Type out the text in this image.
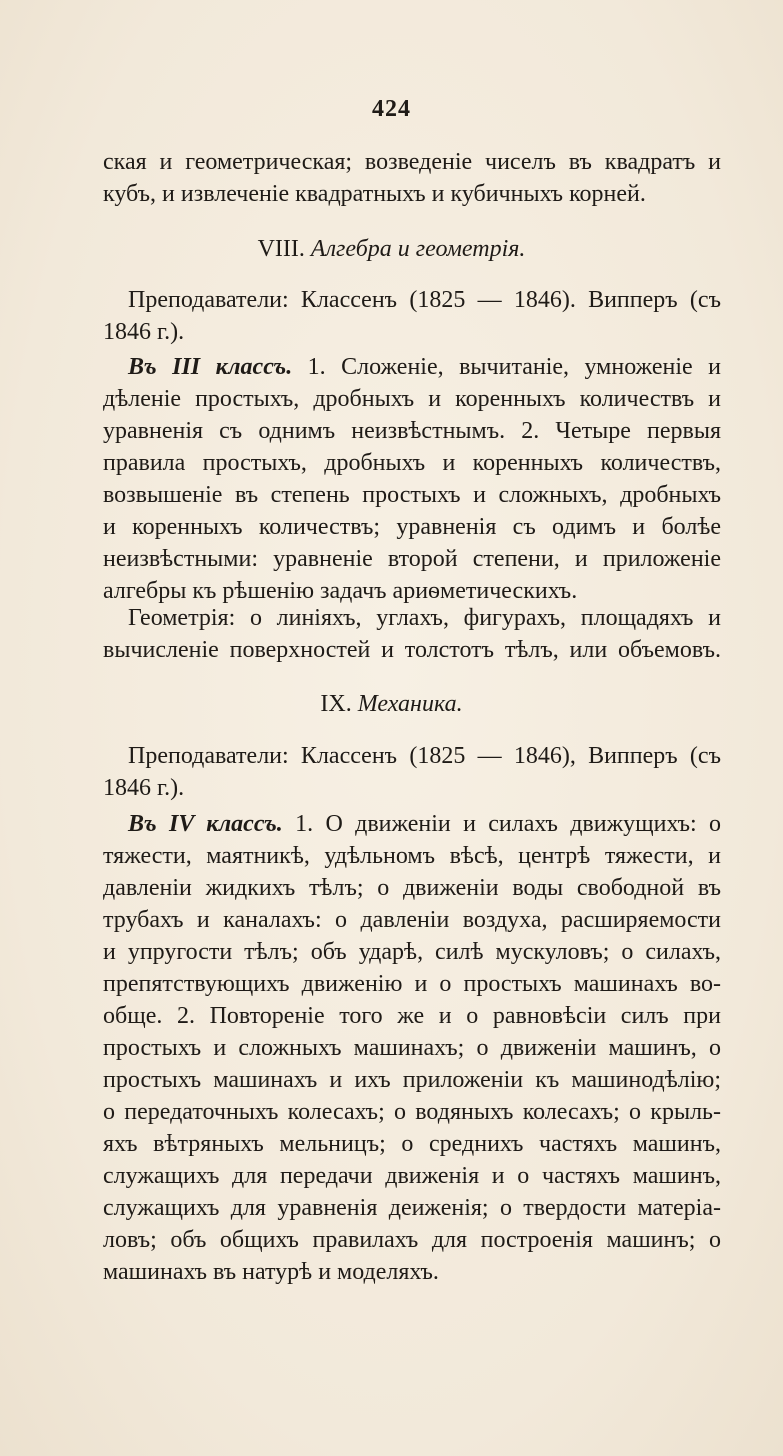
424
ская и геометрическая; возведенiе чиселъ въ квадратъ и
кубъ, и извлеченiе квадратныхъ и кубичныхъ корней.
VIII. Алгебра и геометрiя.
Преподаватели: Классенъ (1825 — 1846). Випперъ (съ
1846 г.).
Въ III классъ. 1. Сложенiе, вычитанiе, умноженiе и
дѣленiе простыхъ, дробныхъ и коренныхъ количествъ и
уравненiя съ однимъ неизвѣстнымъ. 2. Четыре первыя
правила простыхъ, дробныхъ и коренныхъ количествъ,
возвышенiе въ степень простыхъ и сложныхъ, дробныхъ
и коренныхъ количествъ; уравненiя съ одимъ и болѣе
неизвѣстными: уравненiе второй степени, и приложенiе
алгебры къ рѣшенiю задачъ ариѳметическихъ.
Геометрiя: о линiяхъ, углахъ, фигурахъ, площадяхъ и
вычисленiе поверхностей и толстотъ тѣлъ, или объемовъ.
IX. Механика.
Преподаватели: Классенъ (1825 — 1846), Випперъ (съ
1846 г.).
Въ IV классъ. 1. О движенiи и силахъ движущихъ: о
тяжести, маятникѣ, удѣльномъ вѣсѣ, центрѣ тяжести, и
давленiи жидкихъ тѣлъ; о движенiи воды свободной въ
трубахъ и каналахъ: о давленiи воздуха, расширяемости
и упругости тѣлъ; объ ударѣ, силѣ мускуловъ; о силахъ,
препятствующихъ движенiю и о простыхъ машинахъ во-
обще. 2. Повторенiе того же и о равновѣсiи силъ при
простыхъ и сложныхъ машинахъ; о движенiи машинъ, о
простыхъ машинахъ и ихъ приложенiи къ машинодѣлiю;
о передаточныхъ колесахъ; о водяныхъ колесахъ; о крыль-
яхъ вѣтряныхъ мельницъ; о среднихъ частяхъ машинъ,
служащихъ для передачи движенiя и о частяхъ машинъ,
служащихъ для уравненiя деиженiя; о твердости матерiа-
ловъ; объ общихъ правилахъ для построенiя машинъ; о
машинахъ въ натурѣ и моделяхъ.
